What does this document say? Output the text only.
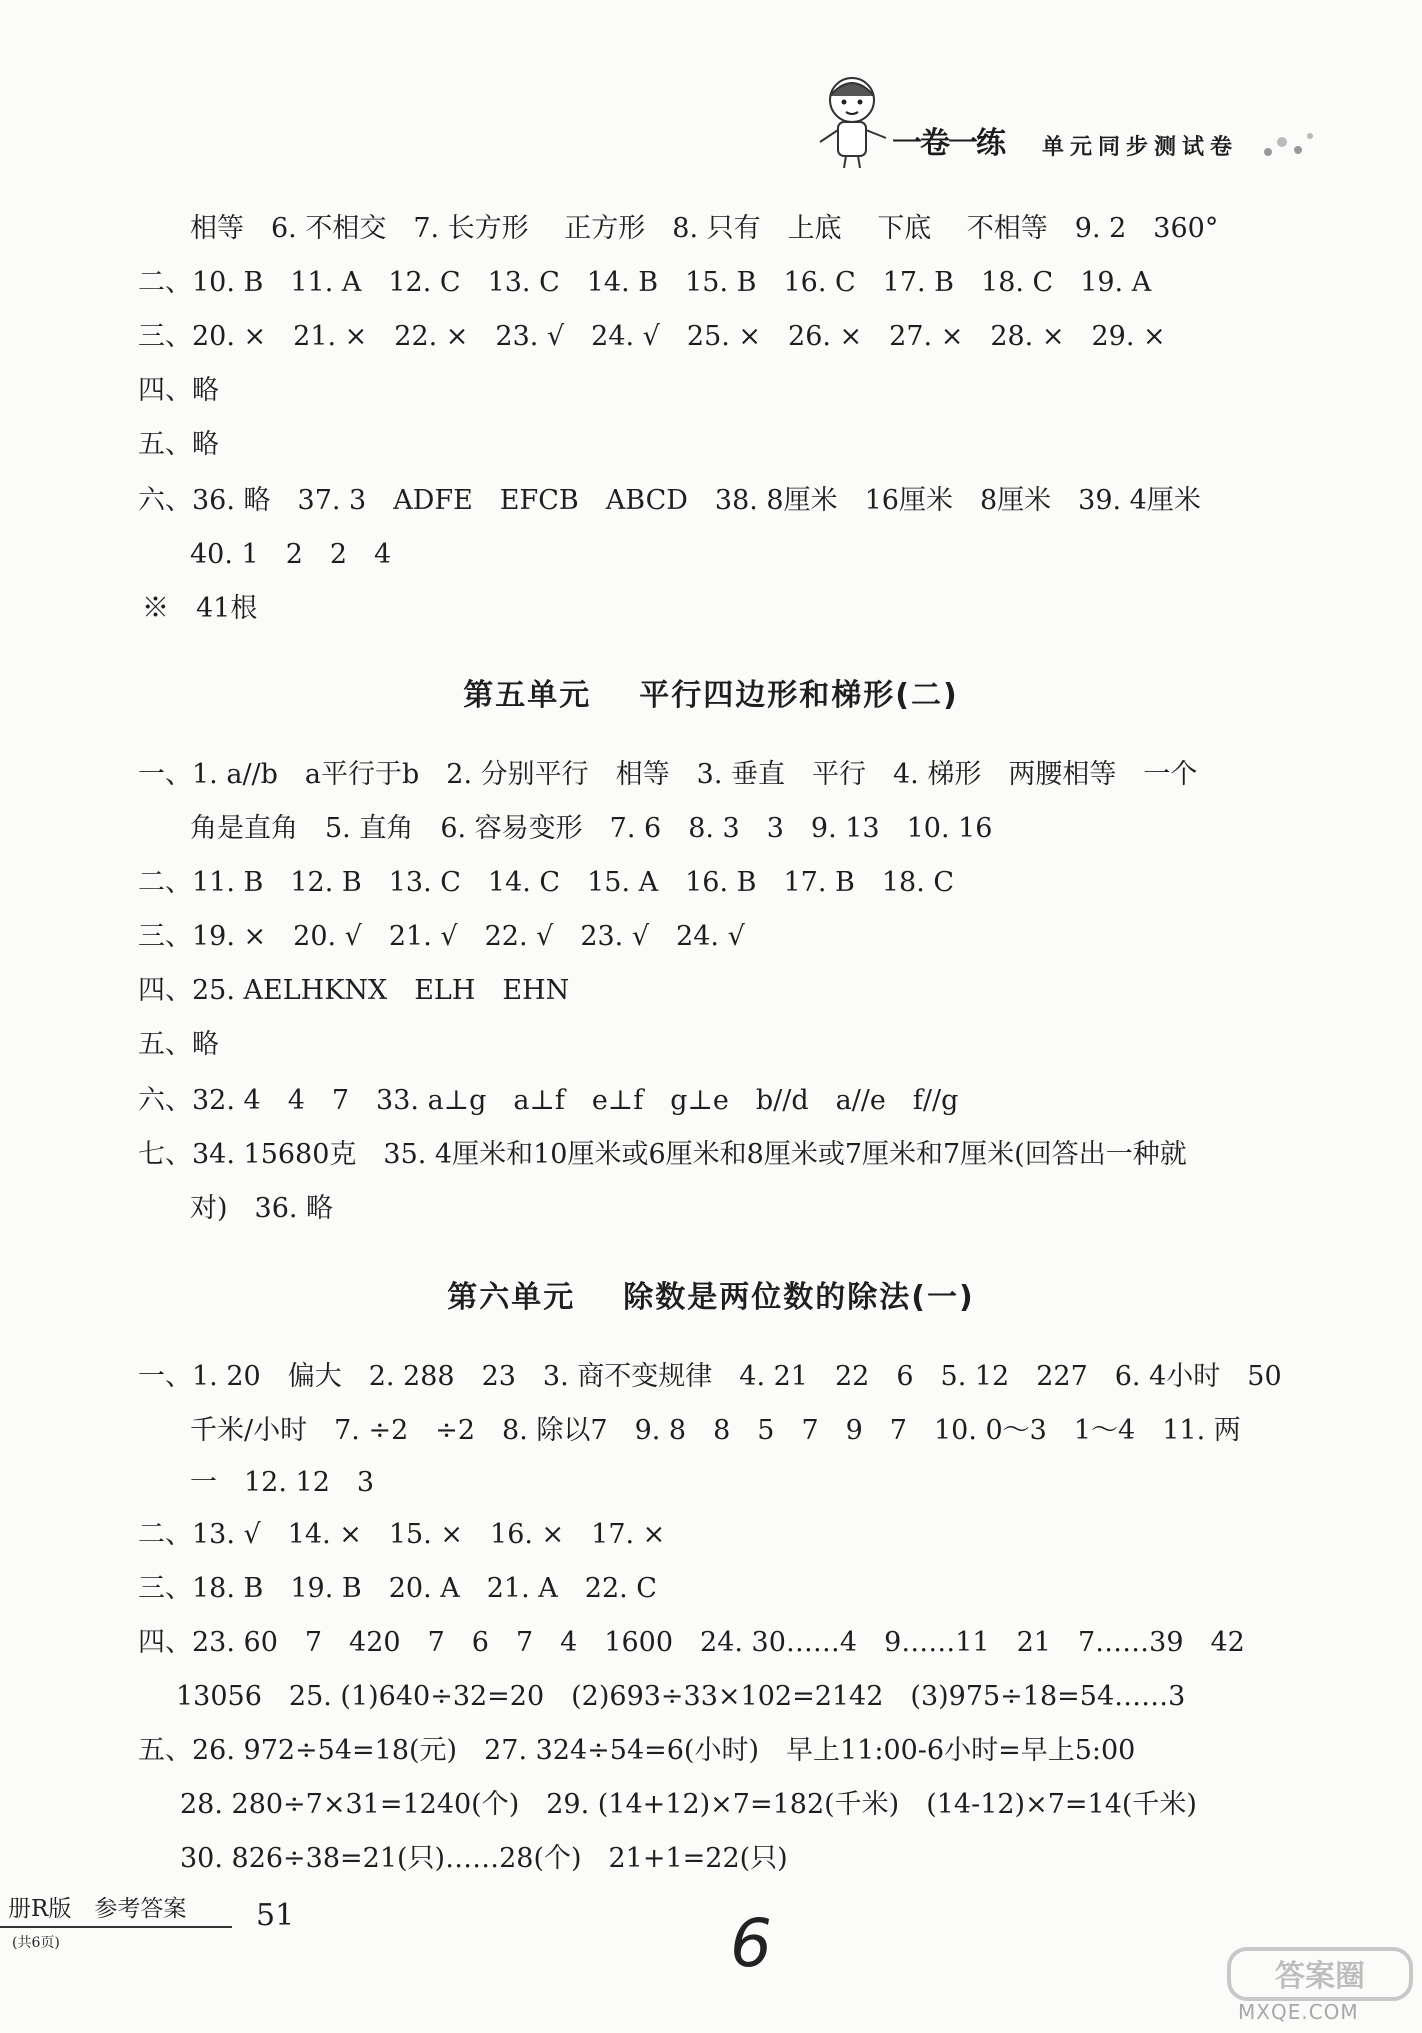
一卷一练 单元同步测试卷
相等　6. 不相交　7. 长方形　 正方形　8. 只有　上底　 下底　 不相等　9. 2　360°
二、10. B　11. A　12. C　13. C　14. B　15. B　16. C　17. B　18. C　19. A
三、20. ×　21. ×　22. ×　23. √　24. √　25. ×　26. ×　27. ×　28. ×　29. ×
四、略
五、略
六、36. 略　37. 3　ADFE　EFCB　ABCD　38. 8厘米　16厘米　8厘米　39. 4厘米
40. 1　2　2　4
※　41根
第五单元 平行四边形和梯形(二)
一、1. a//b　a平行于b　2. 分别平行　相等　3. 垂直　平行　4. 梯形　两腰相等　一个
角是直角　5. 直角　6. 容易变形　7. 6　8. 3　3　9. 13　10. 16
二、11. B　12. B　13. C　14. C　15. A　16. B　17. B　18. C
三、19. ×　20. √　21. √　22. √　23. √　24. √
四、25. AELHKNX　ELH　EHN
五、略
六、32. 4　4　7　33. a⊥g　a⊥f　e⊥f　g⊥e　b//d　a//e　f//g
七、34. 15680克　35. 4厘米和10厘米或6厘米和8厘米或7厘米和7厘米(回答出一种就
对)　36. 略
第六单元 除数是两位数的除法(一)
一、1. 20　偏大　2. 288　23　3. 商不变规律　4. 21　22　6　5. 12　227　6. 4小时　50
千米/小时　7. ÷2　÷2　8. 除以7　9. 8　8　5　7　9　7　10. 0～3　1～4　11. 两
一　12. 12　3
二、13. √　14. ×　15. ×　16. ×　17. ×
三、18. B　19. B　20. A　21. A　22. C
四、23. 60　7　420　7　6　7　4　1600　24. 30……4　9……11　21　7……39　42
13056　25. (1)640÷32=20　(2)693÷33×102=2142　(3)975÷18=54……3
五、26. 972÷54=18(元)　27. 324÷54=6(小时)　早上11:00-6小时=早上5:00
28. 280÷7×31=1240(个)　29. (14+12)×7=182(千米)　(14-12)×7=14(千米)
30. 826÷38=21(只)……28(个)　21+1=22(只)
册R版　参考答案
(共6页)
51	6	答案圈
MXQE.COM
